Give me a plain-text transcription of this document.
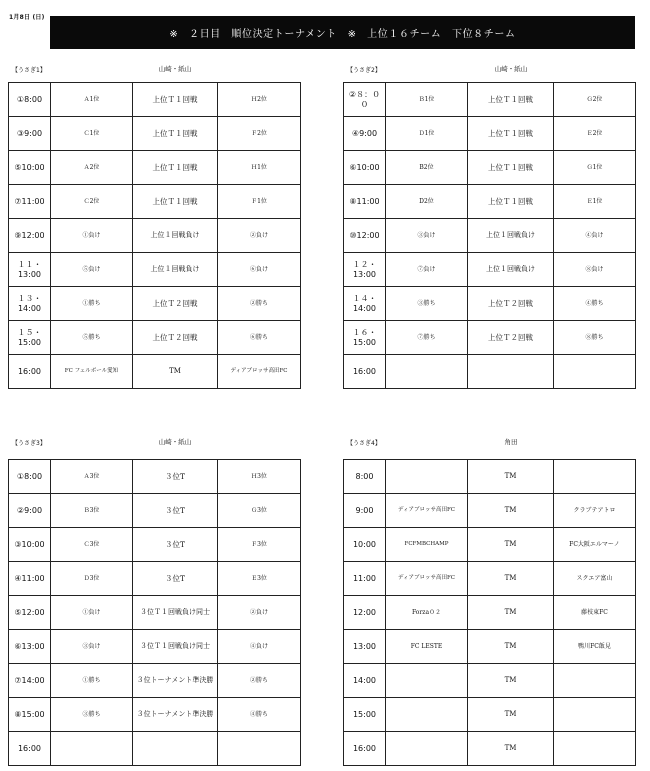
1月8日 (日)
※　２日目　順位決定トーナメント　※　上位１６チーム　下位８チーム
【うさぎ1】	山崎・紙山
①8:00	Ａ1位	上位Ｔ１回戦	Ｈ2位
③9:00	Ｃ1位	上位Ｔ１回戦	Ｆ2位
⑤10:00	Ａ2位	上位Ｔ１回戦	Ｈ1位
⑦11:00	Ｃ2位	上位Ｔ１回戦	Ｆ1位
⑨12:00	①負け	上位１回戦負け	②負け
１１・
13:00	⑤負け	上位１回戦負け	⑥負け
１３・
14:00	①勝ち	上位Ｔ２回戦	②勝ち
１５・
15:00	⑤勝ち	上位Ｔ２回戦	⑥勝ち
16:00	FC フェルボール愛知	TM	ディアブロッサ高田FC
【うさぎ2】	山崎・紙山
②８：００	Ｂ1位	上位Ｔ１回戦	Ｇ2位
④9:00	Ｄ1位	上位Ｔ１回戦	Ｅ2位
⑥10:00	B2位	上位Ｔ１回戦	Ｇ1位
⑧11:00	D2位	上位Ｔ１回戦	Ｅ1位
⑩12:00	③負け	上位１回戦負け	④負け
１２・
13:00	⑦負け	上位１回戦負け	⑧負け
１４・
14:00	③勝ち	上位Ｔ２回戦	④勝ち
１６・
15:00	⑦勝ち	上位Ｔ２回戦	⑧勝ち
16:00			
【うさぎ3】	山崎・紙山
①8:00	Ａ3位	３位T	Ｈ3位
②9:00	Ｂ3位	３位T	Ｇ3位
③10:00	Ｃ3位	３位T	Ｆ3位
④11:00	Ｄ3位	３位T	Ｅ3位
⑤12:00	①負け	３位Ｔ１回戦負け同士	②負け
⑥13:00	③負け	３位Ｔ１回戦負け同士	④負け
⑦14:00	①勝ち	３位トーナメント準決勝	②勝ち
⑧15:00	③勝ち	３位トーナメント準決勝	④勝ち
16:00			
【うさぎ4】	角田
8:00		TM	
9:00	ディアブロッサ高田FC	TM	クラブテアトロ
10:00	FCFMBCHAMP	TM	FC大阪エルマーノ
11:00	ディアブロッサ高田FC	TM	スクエア富山
12:00	Forza０２	TM	藤枝東FC
13:00	FC LESTE	TM	鴨川FC飯見
14:00		TM	
15:00		TM	
16:00		TM	
